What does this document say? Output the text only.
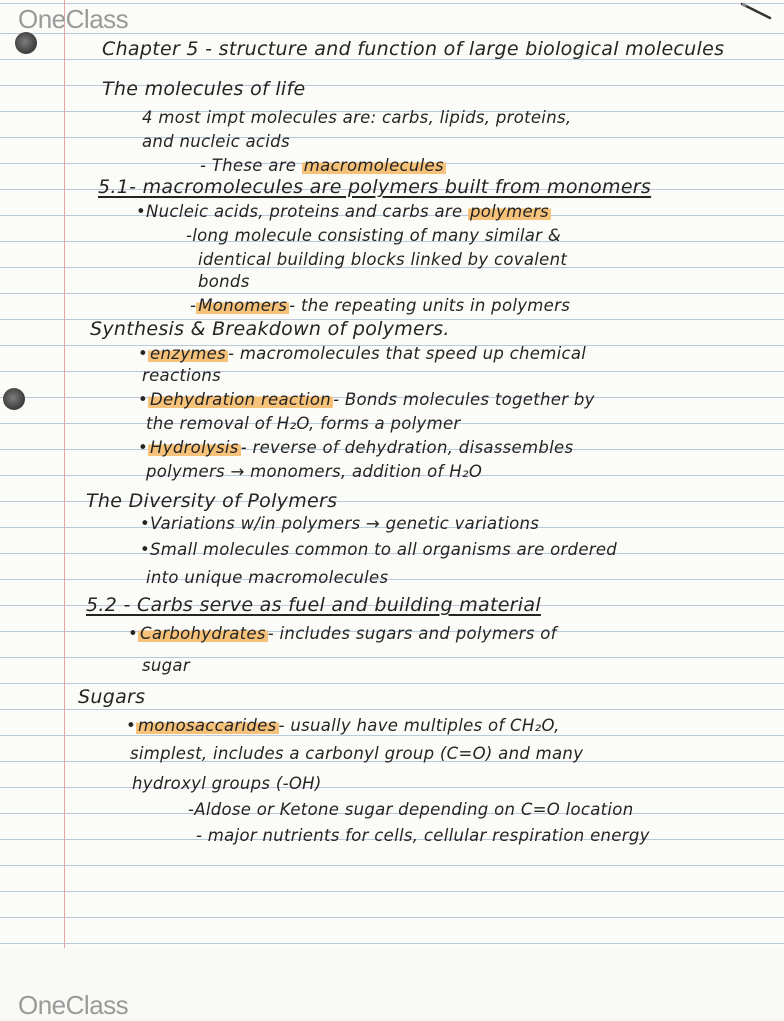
OneClass
OneClass
Chapter 5 - structure and function of large biological molecules
The molecules of life
4 most impt molecules are: carbs, lipids, proteins,
and nucleic acids
- These are macromolecules
5.1- macromolecules are polymers built from monomers
•Nucleic acids, proteins and carbs are polymers
-long molecule consisting of many similar &
identical building blocks linked by covalent
bonds
- Monomers - the repeating units in polymers
Synthesis & Breakdown of polymers.
• enzymes - macromolecules that speed up chemical
reactions
• Dehydration reaction - Bonds molecules together by
the removal of H₂O, forms a polymer
• Hydrolysis - reverse of dehydration, disassembles
polymers → monomers, addition of H₂O
The Diversity of Polymers
•Variations w/in polymers → genetic variations
•Small molecules common to all organisms are ordered
into unique macromolecules
5.2 - Carbs serve as fuel and building material
• Carbohydrates - includes sugars and polymers of
sugar
Sugars
• monosaccarides - usually have multiples of CH₂O,
simplest, includes a carbonyl group (C=O) and many
hydroxyl groups (-OH)
-Aldose or Ketone sugar depending on C=O location
- major nutrients for cells, cellular respiration energy
